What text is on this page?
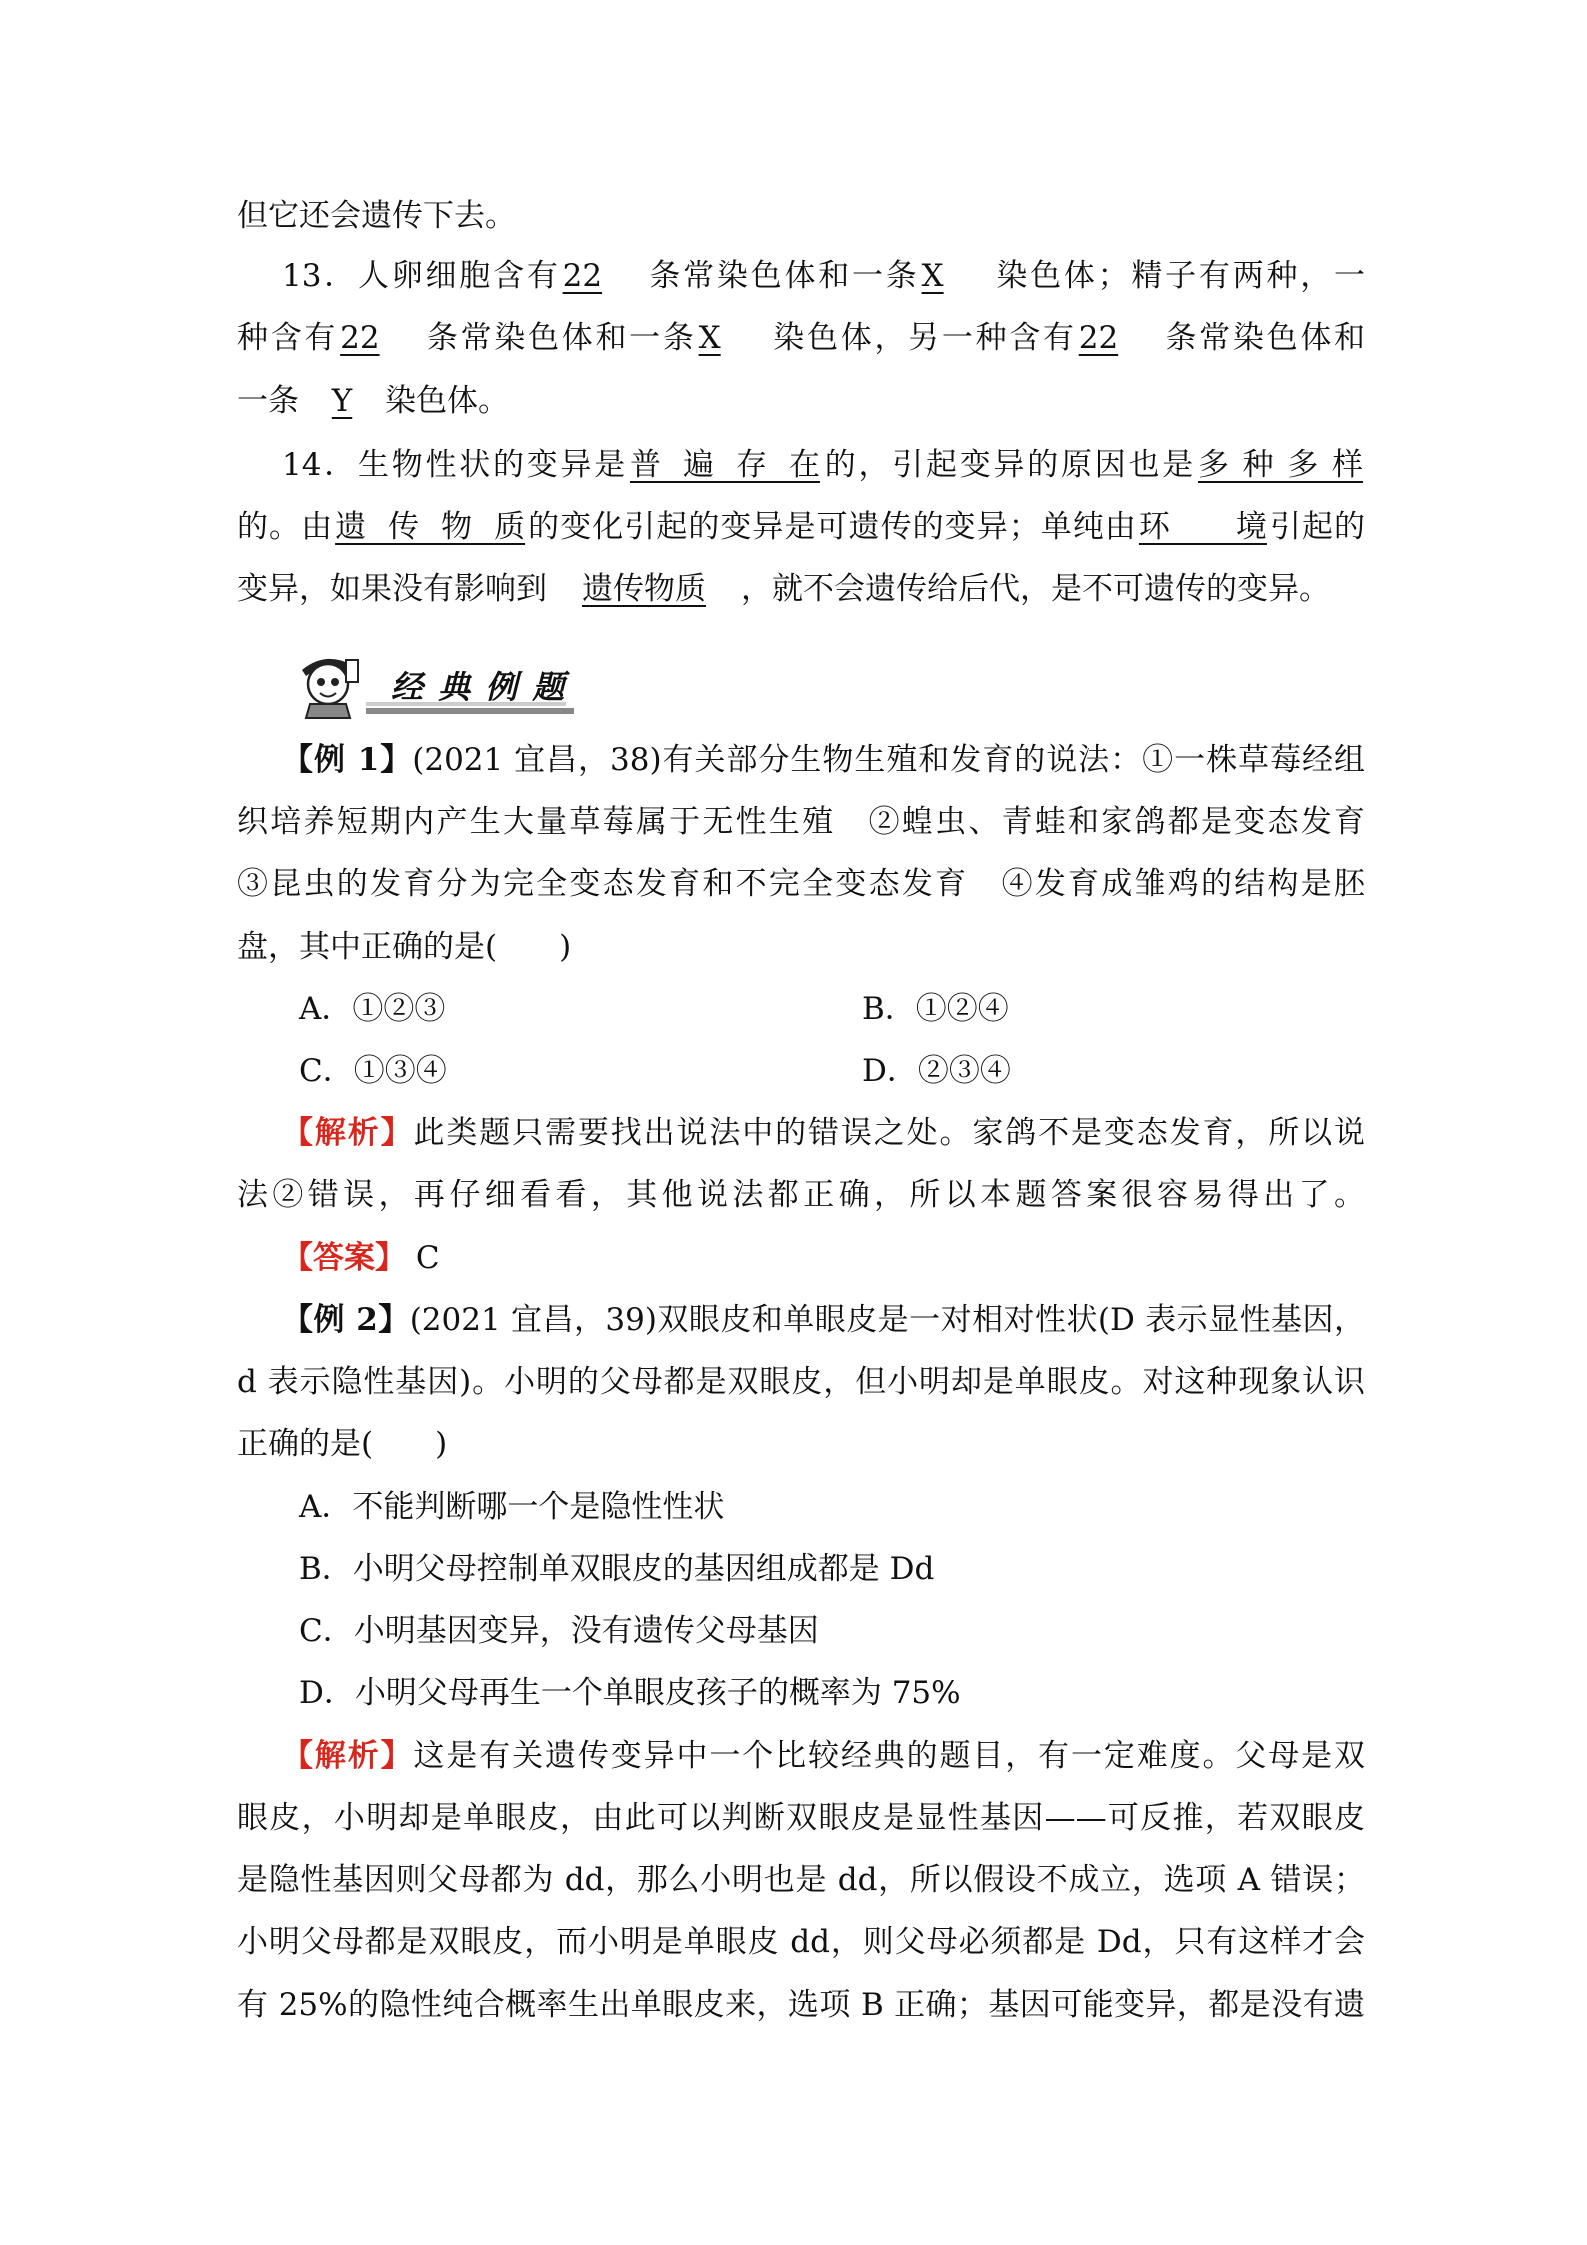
但它还会遗传下去。
13．人卵细胞含有22 条常染色体和一条X 染色体；精子有两种，一
种含有22 条常染色体和一条X 染色体，另一种含有22 条常染色体和
一条 Y 染色体。
14．生物性状的变异是普遍存在的，引起变异的原因也是多种多样
的。由遗传物质的变化引起的变异是可遗传的变异；单纯由环境引起的
变异，如果没有影响到 遗传物质 ，就不会遗传给后代，是不可遗传的变异。
经 典 例 题
【例 1】(2021 宜昌，38)有关部分生物生殖和发育的说法：①一株草莓经组
织培养短期内产生大量草莓属于无性生殖　②蝗虫、青蛙和家鸽都是变态发育
③昆虫的发育分为完全变态发育和不完全变态发育　④发育成雏鸡的结构是胚
盘，其中正确的是(　　)
A．①②③	B．①②④
C．①③④	D．②③④
【解析】此类题只需要找出说法中的错误之处。家鸽不是变态发育，所以说
法②错误，再仔细看看，其他说法都正确，所以本题答案很容易得出了。
【答案】 C
【例 2】(2021 宜昌，39)双眼皮和单眼皮是一对相对性状(D 表示显性基因，
d 表示隐性基因)。小明的父母都是双眼皮，但小明却是单眼皮。对这种现象认识
正确的是(　　)
A．不能判断哪一个是隐性性状
B．小明父母控制单双眼皮的基因组成都是 Dd
C．小明基因变异，没有遗传父母基因
D．小明父母再生一个单眼皮孩子的概率为 75%
【解析】这是有关遗传变异中一个比较经典的题目，有一定难度。父母是双
眼皮，小明却是单眼皮，由此可以判断双眼皮是显性基因——可反推，若双眼皮
是隐性基因则父母都为 dd，那么小明也是 dd，所以假设不成立，选项 A 错误；
小明父母都是双眼皮，而小明是单眼皮 dd，则父母必须都是 Dd，只有这样才会
有 25%的隐性纯合概率生出单眼皮来，选项 B 正确；基因可能变异，都是没有遗
